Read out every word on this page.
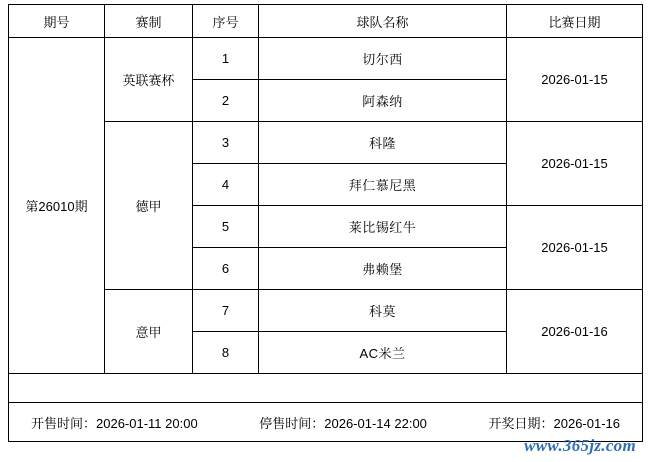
期号	赛制	序号	球队名称	比赛日期
第26010期	英联赛杯	1	切尔西	2026-01-15
		2	阿森纳	
	德甲	3	科隆	2026-01-15
		4	拜仁慕尼黑	
		5	莱比锡红牛	2026-01-15
		6	弗赖堡	
	意甲	7	科莫	2026-01-16
		8	AC米兰	

开售时间：2026-01-11 20:00 停售时间：2026-01-14 22:00 开奖日期：2026-01-16				
www.365jz.com
